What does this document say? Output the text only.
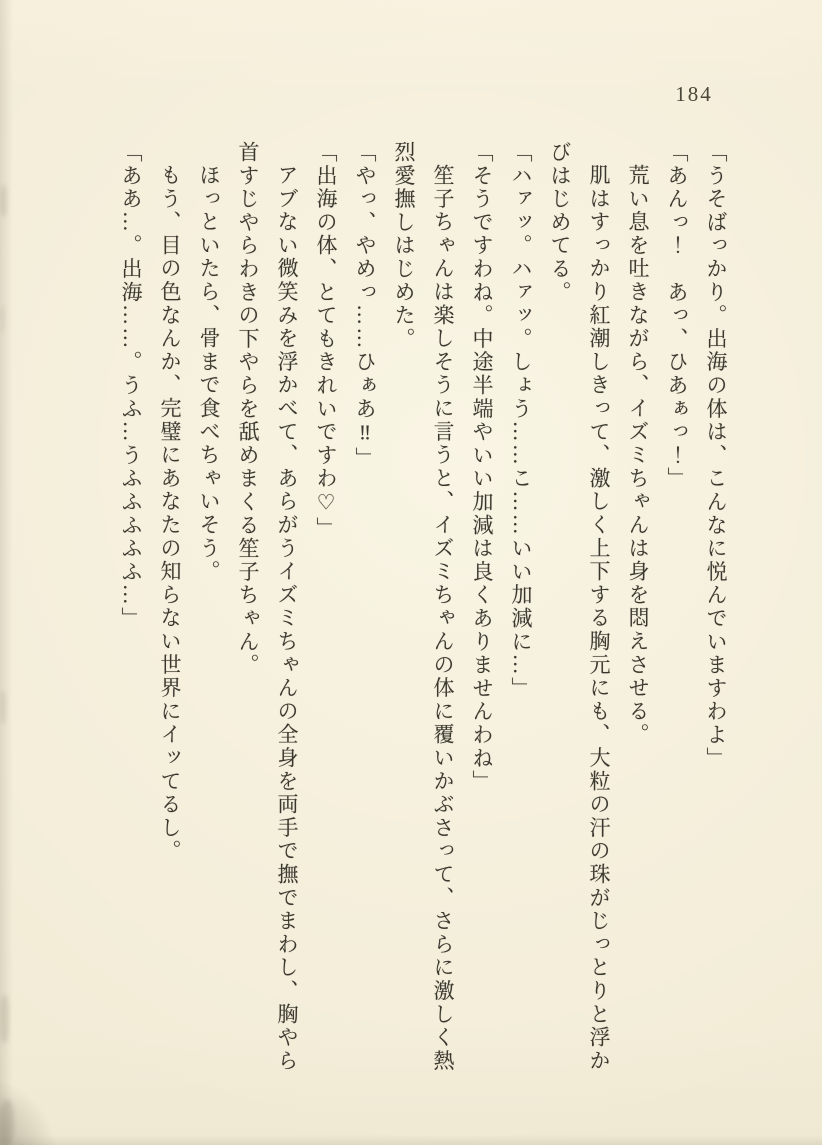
184
「うそばっかり。出海の体は、こんなに悦んでいますわよ」
「あんっ！　あっ、ひあぁっ！」
荒い息を吐きながら、イズミちゃんは身を悶えさせる。
肌はすっかり紅潮しきって、激しく上下する胸元にも、大粒の汗の珠がじっとりと浮か
びはじめてる。
「ハァッ。ハァッ。しょう……こ……いい加減に…」
「そうですわね。中途半端やいい加減は良くありませんわね」
笙子ちゃんは楽しそうに言うと、イズミちゃんの体に覆いかぶさって、さらに激しく熱
烈愛撫しはじめた。
「やっ、やめっ……ひぁあ‼」
「出海の体、とてもきれいですわ♡」
アブない微笑みを浮かべて、あらがうイズミちゃんの全身を両手で撫でまわし、胸やら
首すじやらわきの下やらを舐めまくる笙子ちゃん。
ほっといたら、骨まで食べちゃいそう。
もう、目の色なんか、完璧にあなたの知らない世界にイッてるし。
「ああ…。出海……。うふ…うふふふふふ…」
